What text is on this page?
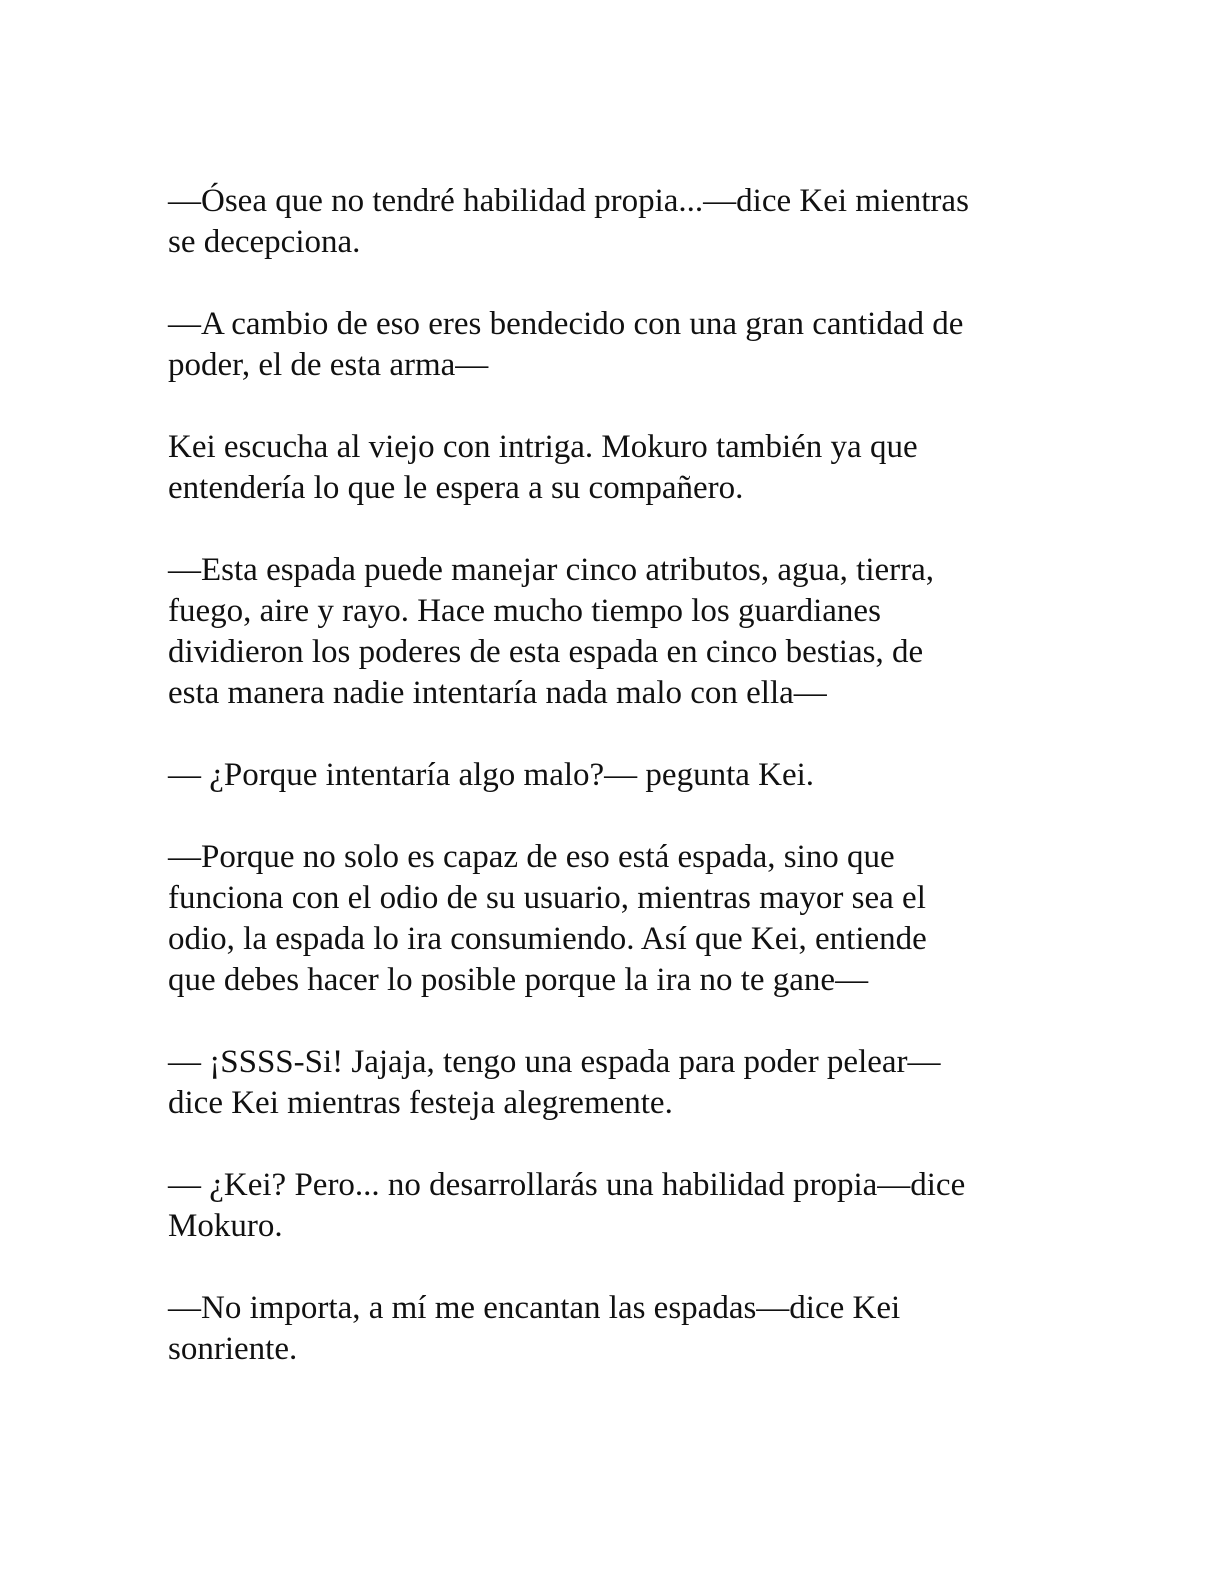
—Ósea que no tendré habilidad propia...—dice Kei mientras
se decepciona.

—A cambio de eso eres bendecido con una gran cantidad de
poder, el de esta arma—

Kei escucha al viejo con intriga. Mokuro también ya que
entendería lo que le espera a su compañero.

—Esta espada puede manejar cinco atributos, agua, tierra,
fuego, aire y rayo. Hace mucho tiempo los guardianes
dividieron los poderes de esta espada en cinco bestias, de
esta manera nadie intentaría nada malo con ella—

— ¿Porque intentaría algo malo?— pegunta Kei.

—Porque no solo es capaz de eso está espada, sino que
funciona con el odio de su usuario, mientras mayor sea el
odio, la espada lo ira consumiendo. Así que Kei, entiende
que debes hacer lo posible porque la ira no te gane—

— ¡SSSS-Si! Jajaja, tengo una espada para poder pelear—
dice Kei mientras festeja alegremente.

— ¿Kei? Pero... no desarrollarás una habilidad propia—dice
Mokuro.

—No importa, a mí me encantan las espadas—dice Kei
sonriente.
